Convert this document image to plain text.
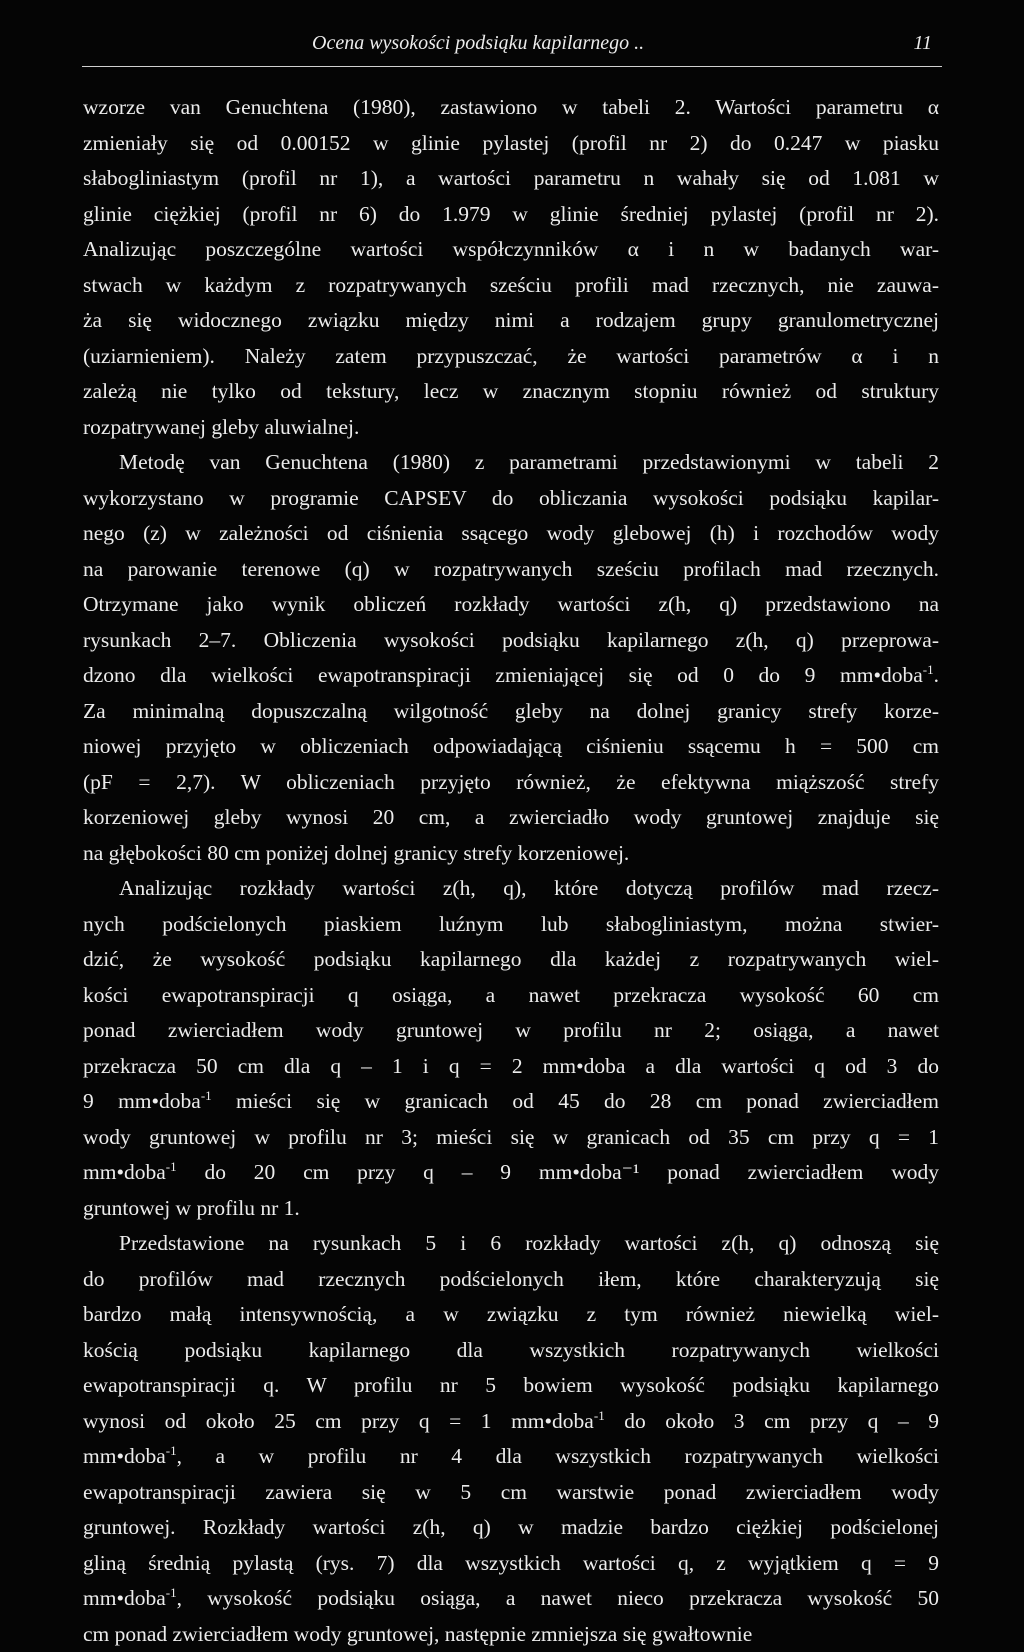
Ocena wysokości podsiąku kapilarnego ..	11
wzorze van Genuchtena (1980), zastawiono w tabeli 2. Wartości parametru α
zmieniały się od 0.00152 w glinie pylastej (profil nr 2) do 0.247 w piasku
słabogliniastym (profil nr 1), a wartości parametru n wahały się od 1.081 w
glinie ciężkiej (profil nr 6) do 1.979 w glinie średniej pylastej (profil nr 2).
Analizując poszczególne wartości współczynników α i n w badanych war-
stwach w każdym z rozpatrywanych sześciu profili mad rzecznych, nie zauwa-
ża się widocznego związku między nimi a rodzajem grupy granulometrycznej
(uziarnieniem). Należy zatem przypuszczać, że wartości parametrów α i n
zależą nie tylko od tekstury, lecz w znacznym stopniu również od struktury
rozpatrywanej gleby aluwialnej.
Metodę van Genuchtena (1980) z parametrami przedstawionymi w tabeli 2
wykorzystano w programie CAPSEV do obliczania wysokości podsiąku kapilar-
nego (z) w zależności od ciśnienia ssącego wody glebowej (h) i rozchodów wody
na parowanie terenowe (q) w rozpatrywanych sześciu profilach mad rzecznych.
Otrzymane jako wynik obliczeń rozkłady wartości z(h, q) przedstawiono na
rysunkach 2–7. Obliczenia wysokości podsiąku kapilarnego z(h, q) przeprowa-
dzono dla wielkości ewapotranspiracji zmieniającej się od 0 do 9 mm•doba$^{-1}$.
Za minimalną dopuszczalną wilgotność gleby na dolnej granicy strefy korze-
niowej przyjęto w obliczeniach odpowiadającą ciśnieniu ssącemu h = 500 cm
(pF = 2,7). W obliczeniach przyjęto również, że efektywna miąższość strefy
korzeniowej gleby wynosi 20 cm, a zwierciadło wody gruntowej znajduje się
na głębokości 80 cm poniżej dolnej granicy strefy korzeniowej.
Analizując rozkłady wartości z(h, q), które dotyczą profilów mad rzecz-
nych podścielonych piaskiem luźnym lub słabogliniastym, można stwier-
dzić, że wysokość podsiąku kapilarnego dla każdej z rozpatrywanych wiel-
kości ewapotranspiracji q osiąga, a nawet przekracza wysokość 60 cm
ponad zwierciadłem wody gruntowej w profilu nr 2; osiąga, a nawet
przekracza 50 cm dla q – 1 i q = 2 mm•doba a dla wartości q od 3 do
9 mm•doba$^{-1}$ mieści się w granicach od 45 do 28 cm ponad zwierciadłem
wody gruntowej w profilu nr 3; mieści się w granicach od 35 cm przy q = 1
mm•doba$^{-1}$ do 20 cm przy q – 9 mm•doba⁻¹ ponad zwierciadłem wody
gruntowej w profilu nr 1.
Przedstawione na rysunkach 5 i 6 rozkłady wartości z(h, q) odnoszą się
do profilów mad rzecznych podścielonych iłem, które charakteryzują się
bardzo małą intensywnością, a w związku z tym również niewielką wiel-
kością podsiąku kapilarnego dla wszystkich rozpatrywanych wielkości
ewapotranspiracji q. W profilu nr 5 bowiem wysokość podsiąku kapilarnego
wynosi od około 25 cm przy q = 1 mm•doba$^{-1}$ do około 3 cm przy q – 9
mm•doba$^{-1}$, a w profilu nr 4 dla wszystkich rozpatrywanych wielkości
ewapotranspiracji zawiera się w 5 cm warstwie ponad zwierciadłem wody
gruntowej. Rozkłady wartości z(h, q) w madzie bardzo ciężkiej podścielonej
gliną średnią pylastą (rys. 7) dla wszystkich wartości q, z wyjątkiem q = 9
mm•doba$^{-1}$, wysokość podsiąku osiąga, a nawet nieco przekracza wysokość 50
cm ponad zwierciadłem wody gruntowej, następnie zmniejsza się gwałtownie
